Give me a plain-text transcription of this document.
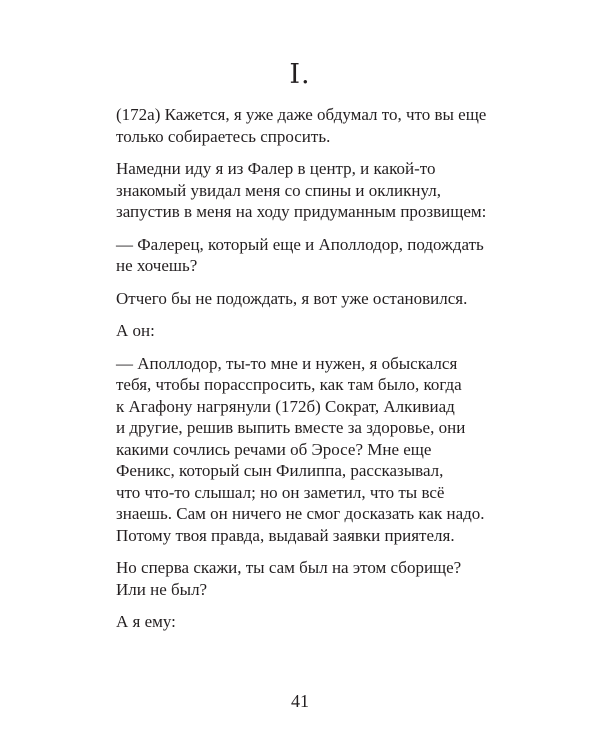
I.

(172а) Кажется, я уже даже обдумал то, что вы еще
только собираетесь спросить.

Намедни иду я из Фалер в центр, и какой-то
знакомый увидал меня со спины и окликнул,
запустив в меня на ходу придуманным прозвищем:

— Фалерец, который еще и Аполлодор, подождать
не хочешь?

Отчего бы не подождать, я вот уже остановился.

А он:

— Аполлодор, ты-то мне и нужен, я обыскался
тебя, чтобы порасспросить, как там было, когда
к Агафону нагрянули (172б) Сократ, Алкивиад
и другие, решив выпить вместе за здоровье, они
какими сочлись речами об Эросе? Мне еще
Феникс, который сын Филиппа, рассказывал,
что что-то слышал; но он заметил, что ты всё
знаешь. Сам он ничего не смог досказать как надо.
Потому твоя правда, выдавай заявки приятеля.

Но сперва скажи, ты сам был на этом сборище?
Или не был?

А я ему:

41
